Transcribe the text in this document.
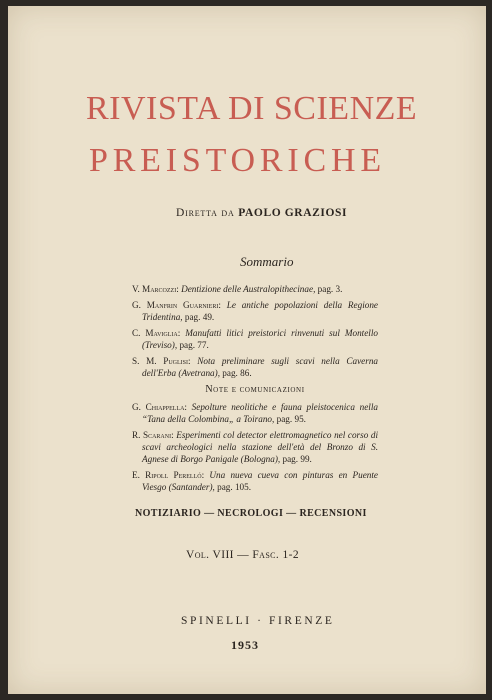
RIVISTA DI SCIENZE
PREISTORICHE
Diretta da PAOLO GRAZIOSI
Sommario
V. Marcozzi: Dentizione delle Australopithecinae, pag. 3.
G. Manfrin Guarnieri: Le antiche popolazioni della Regione Tridentina, pag. 49.
C. Maviglia: Manufatti litici preistorici rinvenuti sul Montello (Treviso), pag. 77.
S. M. Puglisi: Nota preliminare sugli scavi nella Caverna dell'Erba (Avetrana), pag. 86.
Note e comunicazioni
G. Chiappella: Sepolture neolitiche e fauna pleistocenica nella “Tana della Colombina„ a Toirano, pag. 95.
R. Scarani: Esperimenti col detector elettromagnetico nel corso di scavi archeologici nella stazione dell'età del Bronzo di S. Agnese di Borgo Panigale (Bologna), pag. 99.
E. Ripoll Perelló: Una nueva cueva con pinturas en Puente Viesgo (Santander), pag. 105.
NOTIZIARIO — NECROLOGI — RECENSIONI
Vol. VIII — Fasc. 1-2
SPINELLI · FIRENZE
1953
